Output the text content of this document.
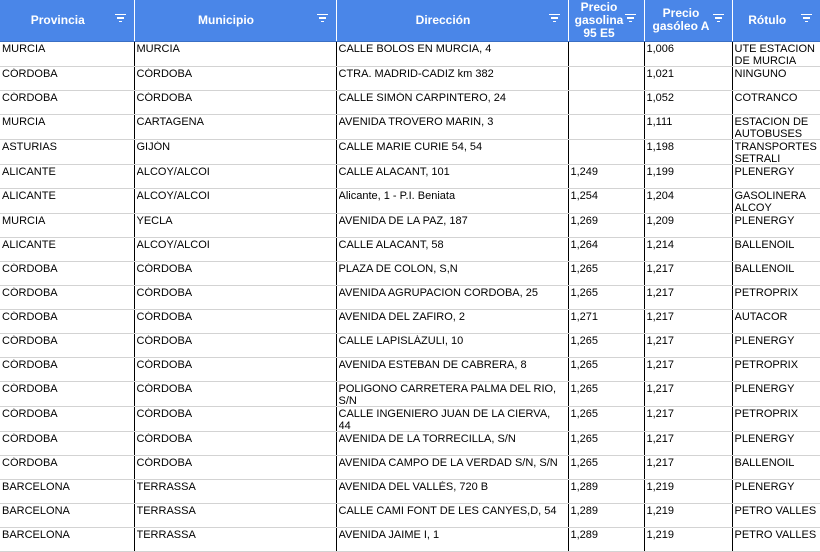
Provincia	Municipio	Dirección	Precio gasolina 95 E5	Precio gasóleo A	Rótulo

MURCIA	MURCIA	CALLE BOLOS EN MURCIA, 4		1,006	UTE ESTACION DE MURCIA

CÓRDOBA	CÓRDOBA	CTRA. MADRID-CADIZ km 382		1,021	NINGUNO

CÓRDOBA	CÓRDOBA	CALLE SIMÓN CARPINTERO, 24		1,052	COTRANCO

MURCIA	CARTAGENA	AVENIDA TROVERO MARIN, 3		1,111	ESTACION DE AUTOBUSES

ASTURIAS	GIJÓN	CALLE MARIE CURIE 54, 54		1,198	TRANSPORTES SETRALI

ALICANTE	ALCOY/ALCOI	CALLE ALACANT, 101	1,249	1,199	PLENERGY

ALICANTE	ALCOY/ALCOI	Alicante, 1 - P.I. Beniata	1,254	1,204	GASOLINERA ALCOY

MURCIA	YECLA	AVENIDA DE LA PAZ, 187	1,269	1,209	PLENERGY

ALICANTE	ALCOY/ALCOI	CALLE ALACANT, 58	1,264	1,214	BALLENOIL

CÓRDOBA	CÓRDOBA	PLAZA DE COLON, S,N	1,265	1,217	BALLENOIL

CÓRDOBA	CÓRDOBA	AVENIDA AGRUPACION CORDOBA, 25	1,265	1,217	PETROPRIX

CÓRDOBA	CÓRDOBA	AVENIDA DEL ZAFIRO, 2	1,271	1,217	AUTACOR

CÓRDOBA	CÓRDOBA	CALLE LAPISLÁZULI, 10	1,265	1,217	PLENERGY

CÓRDOBA	CÓRDOBA	AVENIDA ESTEBAN DE CABRERA, 8	1,265	1,217	PETROPRIX

CÓRDOBA	CÓRDOBA	POLIGONO CARRETERA PALMA DEL RIO, S/N	1,265	1,217	PLENERGY

CÓRDOBA	CÓRDOBA	CALLE INGENIERO JUAN DE LA CIERVA, 44	1,265	1,217	PETROPRIX

CÓRDOBA	CÓRDOBA	AVENIDA DE LA TORRECILLA, S/N	1,265	1,217	PLENERGY

CÓRDOBA	CÓRDOBA	AVENIDA CAMPO DE LA VERDAD S/N, S/N	1,265	1,217	BALLENOIL

BARCELONA	TERRASSA	AVENIDA DEL VALLÈS, 720 B	1,289	1,219	PLENERGY

BARCELONA	TERRASSA	CALLE CAMI FONT DE LES CANYES,D, 54	1,289	1,219	PETRO VALLES

BARCELONA	TERRASSA	AVENIDA JAIME I, 1	1,289	1,219	PETRO VALLES
